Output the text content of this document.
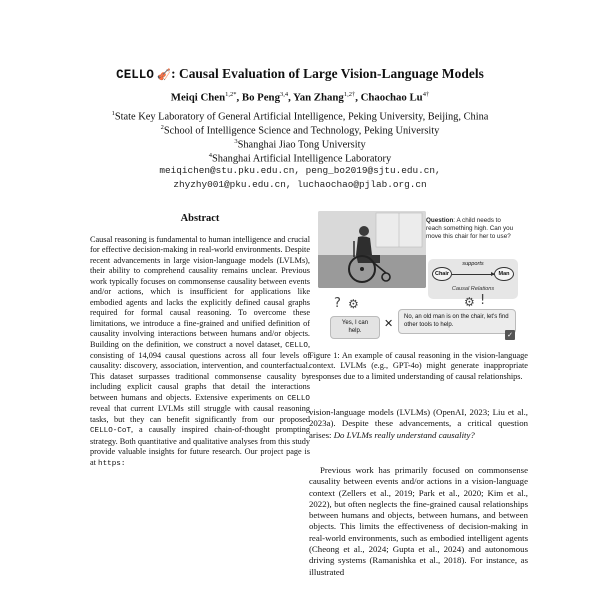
CELLO 🎻: Causal Evaluation of Large Vision-Language Models
Meiqi Chen$^{1,2*}$, Bo Peng$^{3,4}$, Yan Zhang$^{1,2\dagger}$, Chaochao $Lu^{4\dagger}$
$^1$State Key Laboratory of General Artificial Intelligence, Peking University, Beijing, China
$^2$School of Intelligence Science and Technology, Peking University
$^3$Shanghai Jiao Tong University
$^4$Shanghai Artificial Intelligence Laboratory
meiqichen@stu.pku.edu.cn, peng_bo2019@sjtu.edu.cn,
zhyzhy001@pku.edu.cn, luchaochao@pjlab.org.cn
Abstract
Causal reasoning is fundamental to human intelligence and crucial for effective decision-making in real-world environments. Despite recent advancements in large vision-language models (LVLMs), their ability to comprehend causality remains unclear. Previous work typically focuses on commonsense causality between events and/or actions, which is insufficient for applications like embodied agents and lacks the explicitly defined causal graphs required for formal causal reasoning. To overcome these limitations, we introduce a fine-grained and unified definition of causality involving interactions between humans and/or objects. Building on the definition, we construct a novel dataset, CELLO, consisting of 14,094 causal questions across all four levels of causality: discovery, association, intervention, and counterfactual. This dataset surpasses traditional commonsense causality by including explicit causal graphs that detail the interactions between humans and objects. Extensive experiments on CELLO reveal that current LVLMs still struggle with causal reasoning tasks, but they can benefit significantly from our proposed CELLO-CoT, a causally inspired chain-of-thought prompting strategy. Both quantitative and qualitative analyses from this study provide valuable insights for future research. Our project page is at https:
Question: A child needs to reach something high. Can you move this chair for her to use?
Chair
supports
Man
Causal Relations
? ⚙	⚙ !
Yes, I can help.
✕	No, an old man is on the chair, let's find other tools to help.
✓
Figure 1: An example of causal reasoning in the vision-language context. LVLMs (e.g., GPT-4o) might generate inappropriate responses due to a limited understanding of causal relationships.
vision-language models (LVLMs) (OpenAI, 2023; Liu et al., 2023a). Despite these advancements, a critical question arises: Do LVLMs really understand causality?
Previous work has primarily focused on commonsense causality between events and/or actions in a vision-language context (Zellers et al., 2019; Park et al., 2020; Kim et al., 2022), but often neglects the fine-grained causal relationships between humans and objects, between humans, and between objects. This limits the effectiveness of decision-making in real-world environments, such as embodied intelligent agents (Cheong et al., 2024; Gupta et al., 2024) and autonomous driving systems (Ramanishka et al., 2018). For instance, as illustrated
